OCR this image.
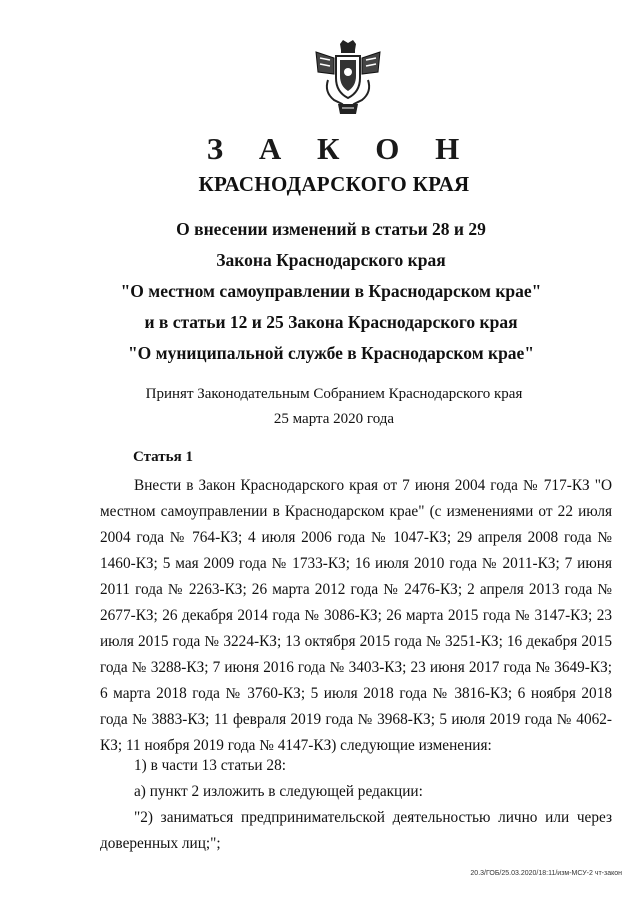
З А К О Н
КРАСНОДАРСКОГО КРАЯ
О внесении изменений в статьи 28 и 29
Закона Краснодарского края
"О местном самоуправлении в Краснодарском крае"
и в статьи 12 и 25 Закона Краснодарского края
"О муниципальной службе в Краснодарском крае"
Принят Законодательным Собранием Краснодарского края
25 марта 2020 года
Статья 1
Внести в Закон Краснодарского края от 7 июня 2004 года № 717-КЗ "О местном самоуправлении в Краснодарском крае" (с изменениями от 22 июля 2004 года № 764-КЗ; 4 июля 2006 года № 1047-КЗ; 29 апреля 2008 года № 1460-КЗ; 5 мая 2009 года № 1733-КЗ; 16 июля 2010 года № 2011-КЗ; 7 июня 2011 года № 2263-КЗ; 26 марта 2012 года № 2476-КЗ; 2 апреля 2013 года № 2677-КЗ; 26 декабря 2014 года № 3086-КЗ; 26 марта 2015 года № 3147-КЗ; 23 июля 2015 года № 3224-КЗ; 13 октября 2015 года № 3251-КЗ; 16 декабря 2015 года № 3288-КЗ; 7 июня 2016 года № 3403-КЗ; 23 июня 2017 года № 3649-КЗ; 6 марта 2018 года № 3760-КЗ; 5 июля 2018 года № 3816-КЗ; 6 ноября 2018 года № 3883-КЗ; 11 февраля 2019 года № 3968-КЗ; 5 июля 2019 года № 4062-КЗ; 11 ноября 2019 года № 4147-КЗ) следующие изменения:
1) в части 13 статьи 28:
а) пункт 2 изложить в следующей редакции:
"2) заниматься предпринимательской деятельностью лично или через доверенных лиц;";
20.3/ГОБ/25.03.2020/18:11/изм-МСУ-2 чт-закон
